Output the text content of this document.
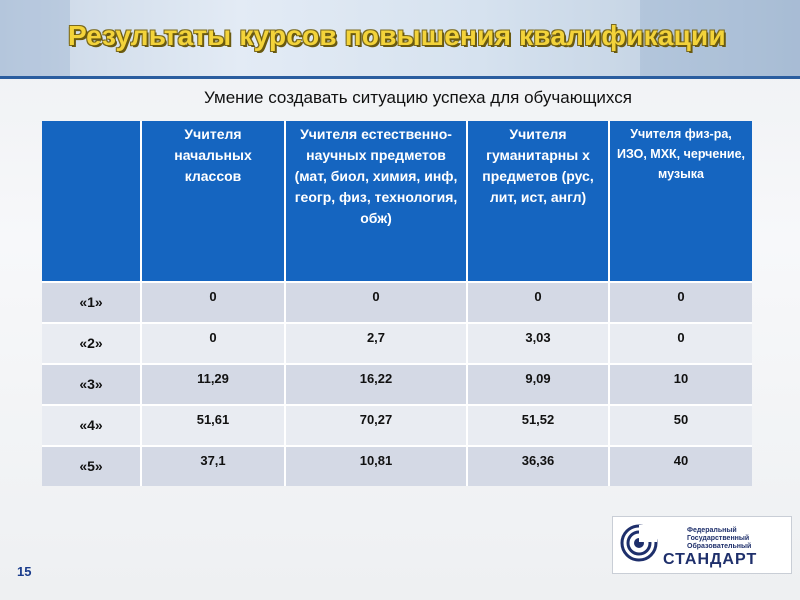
Результаты курсов повышения квалификации
Умение создавать ситуацию успеха для обучающихся

	Учителя начальных классов	Учителя естественно-научных предметов (мат, биол, химия, инф, геогр, физ, технология, обж)	Учителя гуманитарны х предметов (рус, лит, ист, англ)	Учителя физ-ра, ИЗО, МХК, черчение, музыка

«1»	0	0	0	0
«2»	0	2,7	3,03	0
«3»	11,29	16,22	9,09	10
«4»	51,61	70,27	51,52	50
«5»	37,1	10,81	36,36	40
15
Федеральный
Государственный
Образовательный
СТАНДАРТ
